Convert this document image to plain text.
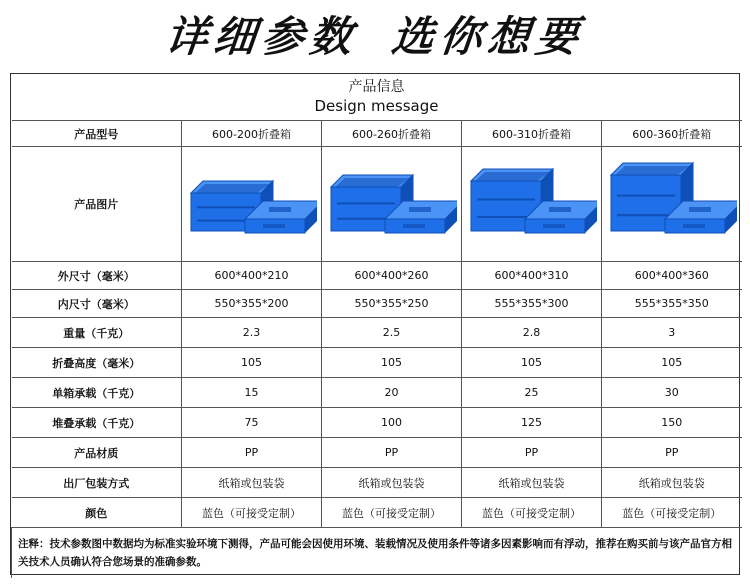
详细参数 选你想要
产品信息
Design message				

产品型号	600-200折叠箱	600-260折叠箱	600-310折叠箱	600-360折叠箱
产品图片	

外尺寸（毫米）	600*400*210	600*400*260	600*400*310	600*400*360
内尺寸（毫米）	550*355*200	550*355*250	555*355*300	555*355*350
重量（千克）	2.3	2.5	2.8	3
折叠高度（毫米）	105	105	105	105
单箱承载（千克）	15	20	25	30
堆叠承载（千克）	75	100	125	150
产品材质	PP	PP	PP	PP
出厂包装方式	纸箱或包装袋	纸箱或包装袋	纸箱或包装袋	纸箱或包装袋
颜色	蓝色（可接受定制）	蓝色（可接受定制）	蓝色（可接受定制）	蓝色（可接受定制）
注释：技术参数图中数据均为标准实验环境下测得，产品可能会因使用环境、装载情况及使用条件等诸多因素影响而有浮动，推荐在购买前与该产品官方相关技术人员确认符合您场景的准确参数。				
